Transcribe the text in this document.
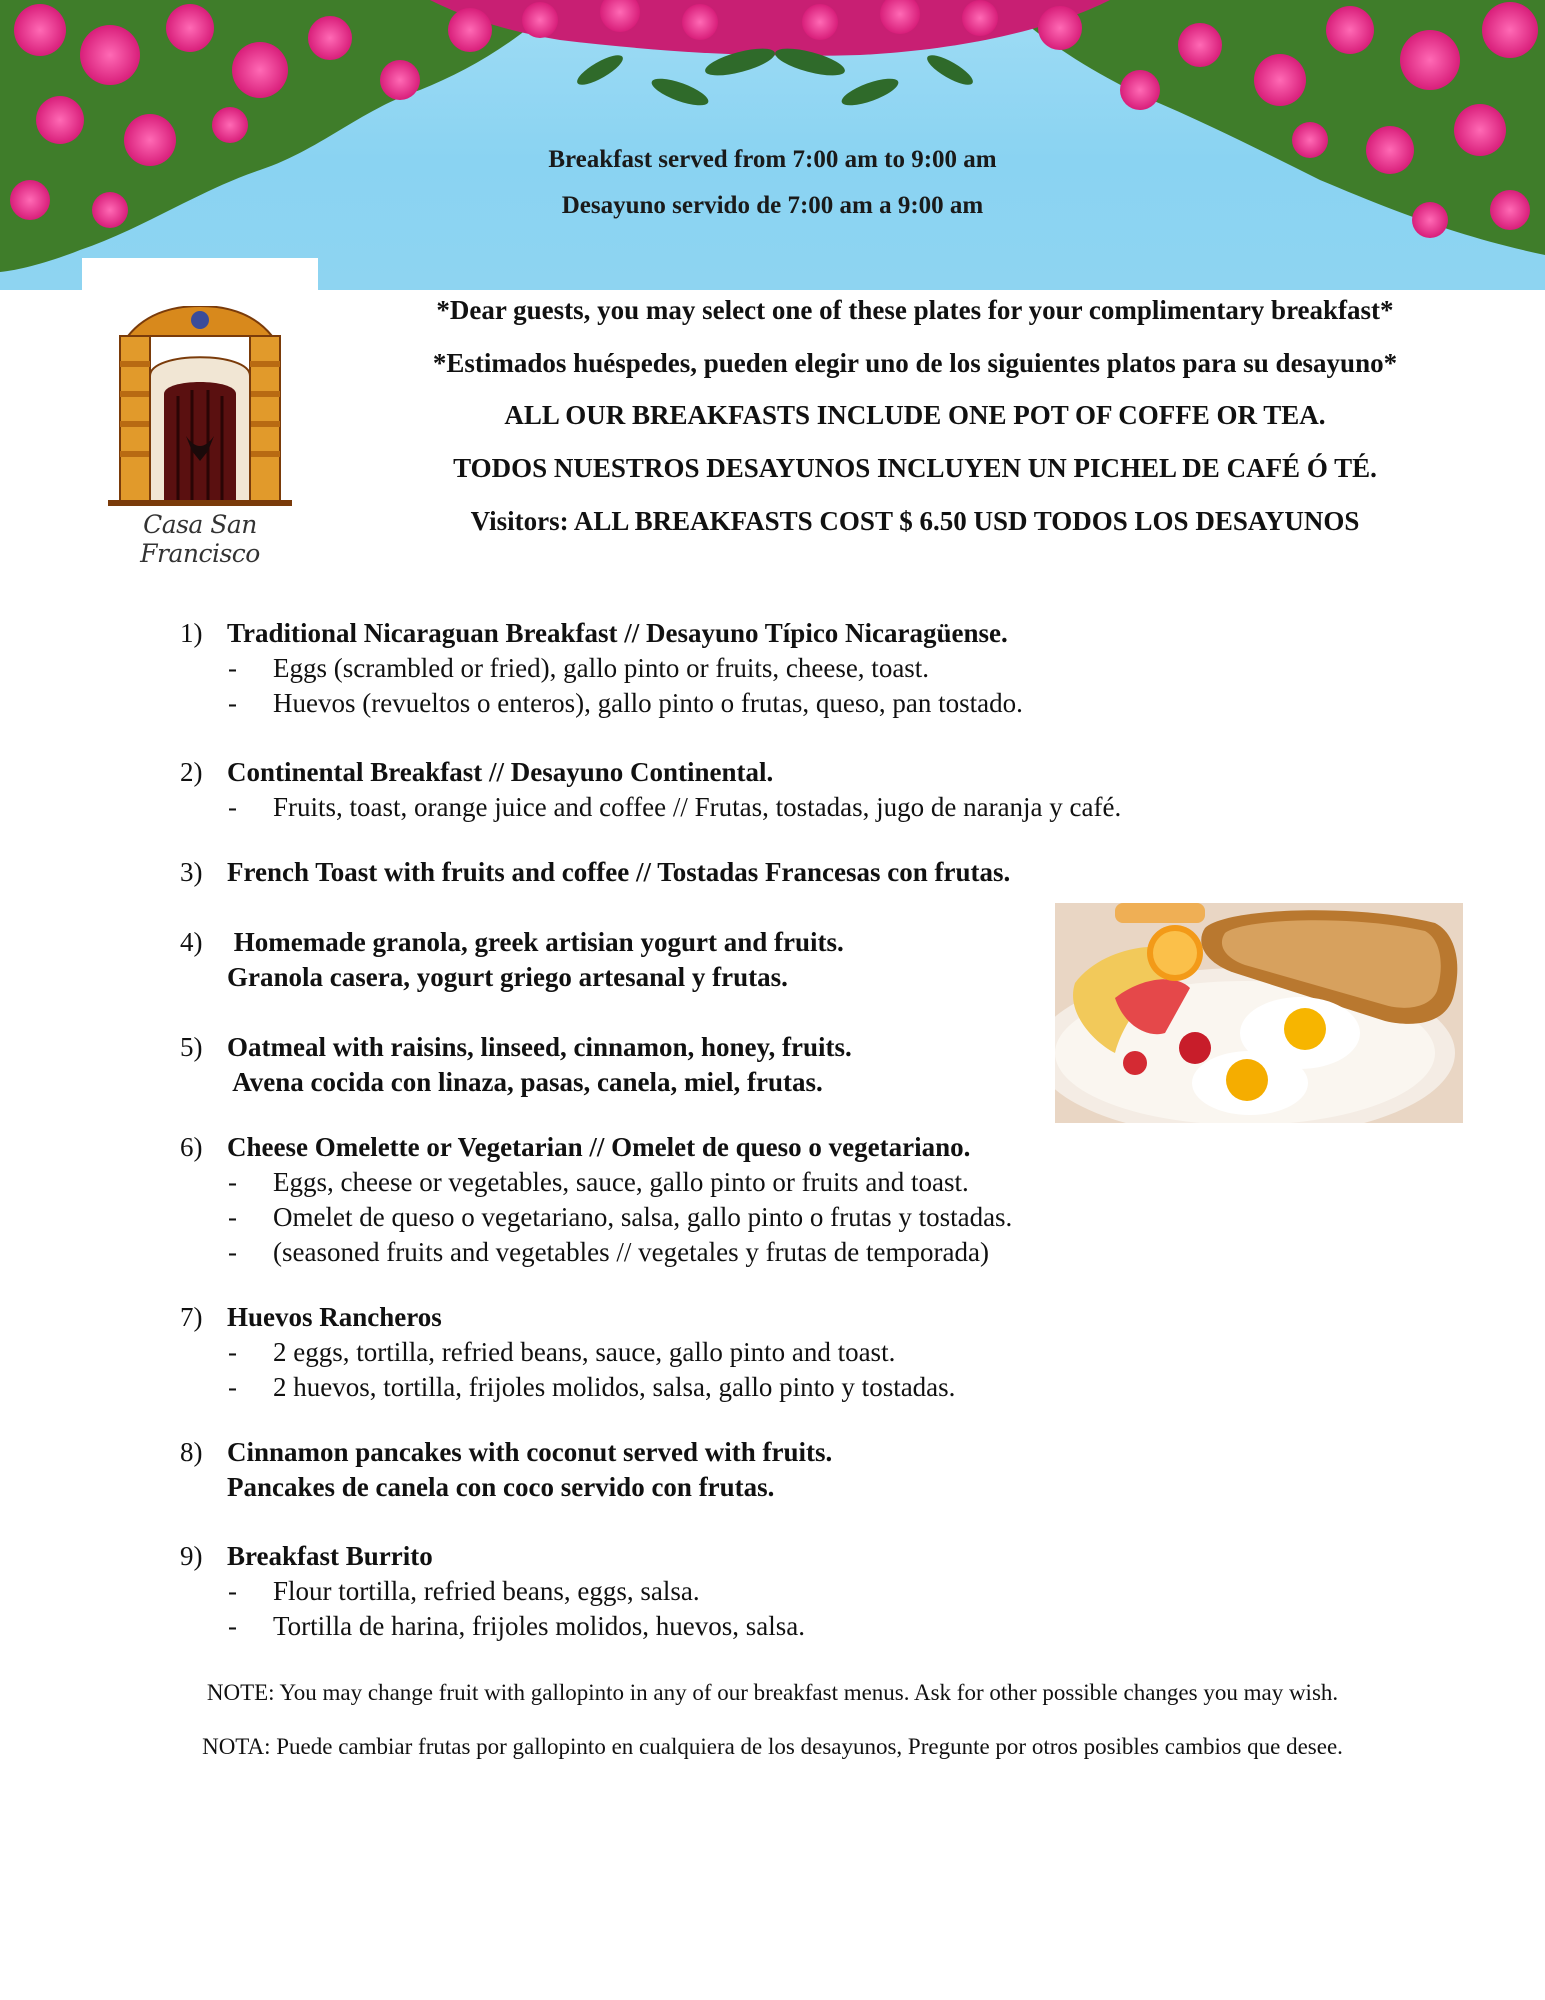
Breakfast served from 7:00 am to 9:00 am
Desayuno servido de 7:00 am a 9:00 am
Casa San Francisco
*Dear guests, you may select one of these plates for your complimentary breakfast*
*Estimados huéspedes, pueden elegir uno de los siguientes platos para su desayuno*
ALL OUR BREAKFASTS INCLUDE ONE POT OF COFFE OR TEA.
TODOS NUESTROS DESAYUNOS INCLUYEN UN PICHEL DE CAFÉ Ó TÉ.
Visitors: ALL BREAKFASTS COST $ 6.50 USD TODOS LOS DESAYUNOS
1) Traditional Nicaraguan Breakfast // Desayuno Típico Nicaragüense.
- Eggs (scrambled or fried), gallo pinto or fruits, cheese, toast.
- Huevos (revueltos o enteros), gallo pinto o frutas, queso, pan tostado.
2) Continental Breakfast // Desayuno Continental.
- Fruits, toast, orange juice and coffee // Frutas, tostadas, jugo de naranja y café.
3) French Toast with fruits and coffee // Tostadas Francesas con frutas.
4) Homemade granola, greek artisian yogurt and fruits.
Granola casera, yogurt griego artesanal y frutas.
5) Oatmeal with raisins, linseed, cinnamon, honey, fruits.
Avena cocida con linaza, pasas, canela, miel, frutas.
6) Cheese Omelette or Vegetarian // Omelet de queso o vegetariano.
- Eggs, cheese or vegetables, sauce, gallo pinto or fruits and toast.
- Omelet de queso o vegetariano, salsa, gallo pinto o frutas y tostadas.
- (seasoned fruits and vegetables // vegetales y frutas de temporada)
7) Huevos Rancheros
- 2 eggs, tortilla, refried beans, sauce, gallo pinto and toast.
- 2 huevos, tortilla, frijoles molidos, salsa, gallo pinto y tostadas.
8) Cinnamon pancakes with coconut served with fruits.
Pancakes de canela con coco servido con frutas.
9) Breakfast Burrito
- Flour tortilla, refried beans, eggs, salsa.
- Tortilla de harina, frijoles molidos, huevos, salsa.
NOTE: You may change fruit with gallopinto in any of our breakfast menus. Ask for other possible changes you may wish.
NOTA: Puede cambiar frutas por gallopinto en cualquiera de los desayunos, Pregunte por otros posibles cambios que desee.
